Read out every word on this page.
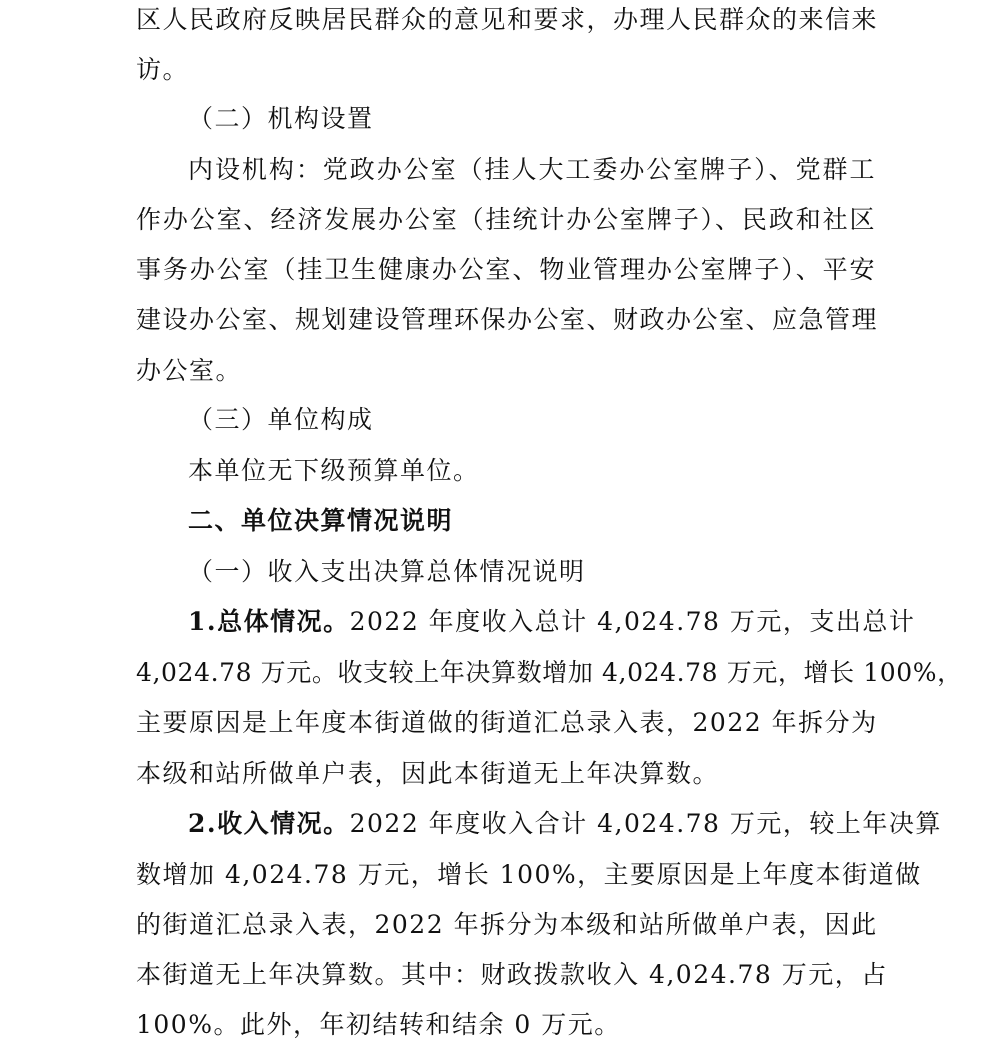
区人民政府反映居民群众的意见和要求，办理人民群众的来信来
访。
（二）机构设置
内设机构：党政办公室（挂人大工委办公室牌子）、党群工
作办公室、经济发展办公室（挂统计办公室牌子）、民政和社区
事务办公室（挂卫生健康办公室、物业管理办公室牌子）、平安
建设办公室、规划建设管理环保办公室、财政办公室、应急管理
办公室。
（三）单位构成
本单位无下级预算单位。
二、单位决算情况说明
（一）收入支出决算总体情况说明
1.总体情况。2022 年度收入总计 4,024.78 万元，支出总计
4,024.78 万元。收支较上年决算数增加 4,024.78 万元，增长 100%，
主要原因是上年度本街道做的街道汇总录入表，2022 年拆分为
本级和站所做单户表，因此本街道无上年决算数。
2.收入情况。2022 年度收入合计 4,024.78 万元，较上年决算
数增加 4,024.78 万元，增长 100%，主要原因是上年度本街道做
的街道汇总录入表，2022 年拆分为本级和站所做单户表，因此
本街道无上年决算数。其中：财政拨款收入 4,024.78 万元，占
100%。此外，年初结转和结余 0 万元。
